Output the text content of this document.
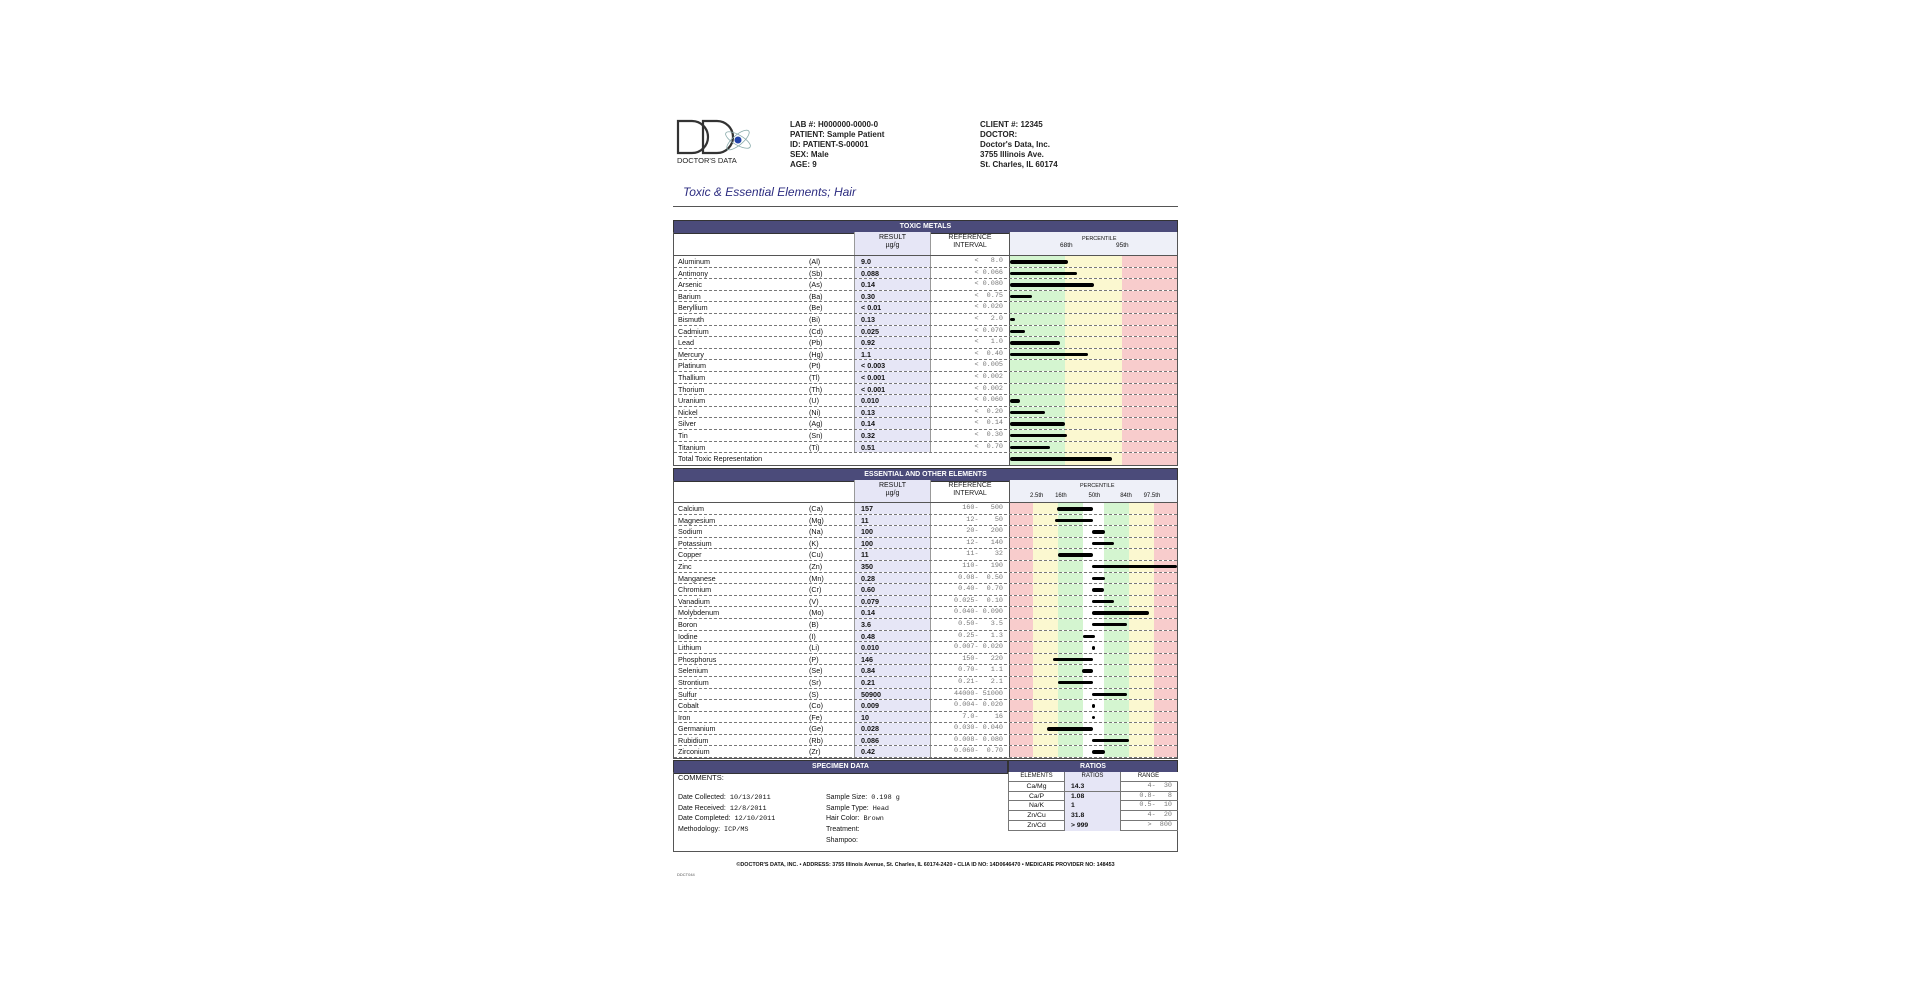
DOCTOR'S DATA
LAB #: H000000-0000-0
PATIENT: Sample Patient
ID: PATIENT-S-00001
SEX: Male
AGE: 9
CLIENT #: 12345
DOCTOR:
Doctor's Data, Inc.
3755 Illinois Ave.
St. Charles, IL 60174
Toxic & Essential Elements; Hair
TOXIC METALS
RESULT
µg/g
REFERENCE
INTERVAL
PERCENTILE
68th	95th
Aluminum	(Al)	9.0	<   8.0
Antimony	(Sb)	0.088	< 0.066
Arsenic	(As)	0.14	< 0.080
Barium	(Ba)	0.30	<  0.75
Beryllium	(Be)	< 0.01	< 0.020
Bismuth	(Bi)	0.13	<   2.0
Cadmium	(Cd)	0.025	< 0.070
Lead	(Pb)	0.92	<   1.0
Mercury	(Hg)	1.1	<  0.40
Platinum	(Pt)	< 0.003	< 0.005
Thallium	(Tl)	< 0.001	< 0.002
Thorium	(Th)	< 0.001	< 0.002
Uranium	(U)	0.010	< 0.060
Nickel	(Ni)	0.13	<  0.20
Silver	(Ag)	0.14	<  0.14
Tin	(Sn)	0.32	<  0.30
Titanium	(Ti)	0.51	<  0.70
Total Toxic Representation
ESSENTIAL AND OTHER ELEMENTS
RESULT
µg/g
REFERENCE
INTERVAL
PERCENTILE
2.5th 16th	50th	84th 97.5th
Calcium	(Ca)	157	160-   500
Magnesium	(Mg)	11	12-    50
Sodium	(Na)	100	20-   200
Potassium	(K)	100	12-   140
Copper	(Cu)	11	11-    32
Zinc	(Zn)	350	110-   190
Manganese	(Mn)	0.28	0.08-  0.50
Chromium	(Cr)	0.60	0.40-  0.70
Vanadium	(V)	0.079	0.025-  0.10
Molybdenum	(Mo)	0.14	0.040- 0.090
Boron	(B)	3.6	0.50-   3.5
Iodine	(I)	0.48	0.25-   1.3
Lithium	(Li)	0.010	0.007- 0.020
Phosphorus	(P)	146	150-   220
Selenium	(Se)	0.84	0.70-   1.1
Strontium	(Sr)	0.21	0.21-   2.1
Sulfur	(S)	50900	44000- 51000
Cobalt	(Co)	0.009	0.004- 0.020
Iron	(Fe)	10	7.0-    16
Germanium	(Ge)	0.028	0.030- 0.040
Rubidium	(Rb)	0.086	0.008- 0.080
Zirconium	(Zr)	0.42	0.060-  0.70
SPECIMEN DATA	RATIOS
COMMENTS:
Date Collected: 10/13/2011
Date Received: 12/8/2011
Date Completed: 12/10/2011
Methodology: ICP/MS
Sample Size: 0.198 g
Sample Type: Head
Hair Color: Brown
Treatment:
Shampoo:
ELEMENTS	RATIOS	RANGE
Ca/Mg	14.3	4-  30
Ca/P	1.08	0.8-   8
Na/K	1	0.5-  10
Zn/Cu	31.8	4-  20
Zn/Cd	> 999	>  800
©DOCTOR'S DATA, INC. • ADDRESS: 3755 Illinois Avenue, St. Charles, IL 60174-2420 • CLIA ID NO: 14D0646470 • MEDICARE PROVIDER NO: 148453
DDCT044
